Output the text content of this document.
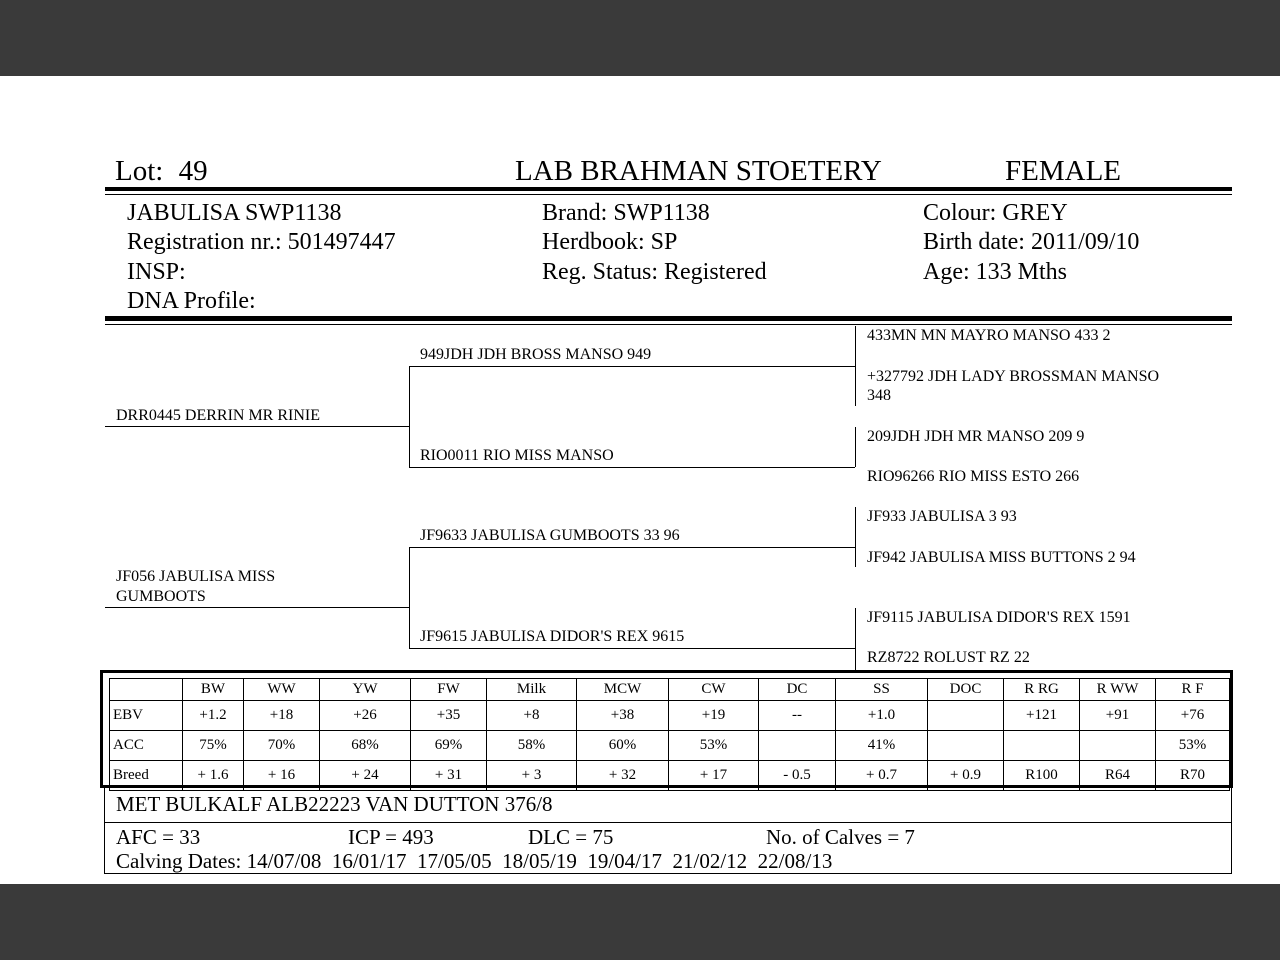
Lot: 49	LAB BRAHMAN STOETERY	FEMALE
JABULISA SWP1138
Registration nr.: 501497447
INSP:
DNA Profile:
Brand: SWP1138
Herdbook: SP
Reg. Status: Registered
Colour: GREY
Birth date: 2011/09/10
Age: 133 Mths
DRR0445 DERRIN MR RINIE
JF056 JABULISA MISS
GUMBOOTS
949JDH JDH BROSS MANSO 949
RIO0011 RIO MISS MANSO
JF9633 JABULISA GUMBOOTS 33 96
JF9615 JABULISA DIDOR'S REX 9615
433MN MN MAYRO MANSO 433 2
+327792 JDH LADY BROSSMAN MANSO
348
209JDH JDH MR MANSO 209 9
RIO96266 RIO MISS ESTO 266
JF933 JABULISA 3 93
JF942 JABULISA MISS BUTTONS 2 94
JF9115 JABULISA DIDOR'S REX 1591
RZ8722 ROLUST RZ 22
	BW	WW	YW	FW	Milk	MCW	CW	DC	SS	DOC	R RG	R WW	R F
EBV	+1.2	+18	+26	+35	+8	+38	+19	--	+1.0		+121	+91	+76
ACC	75%	70%	68%	69%	58%	60%	53%		41%				53%
Breed	+ 1.6	+ 16	+ 24	+ 31	+ 3	+ 32	+ 17	- 0.5	+ 0.7	+ 0.9	R100	R64	R70
MET BULKALF ALB22223 VAN DUTTON 376/8
AFC = 33	ICP = 493	DLC = 75	No. of Calves = 7
Calving Dates: 14/07/08  16/01/17  17/05/05  18/05/19  19/04/17  21/02/12  22/08/13
